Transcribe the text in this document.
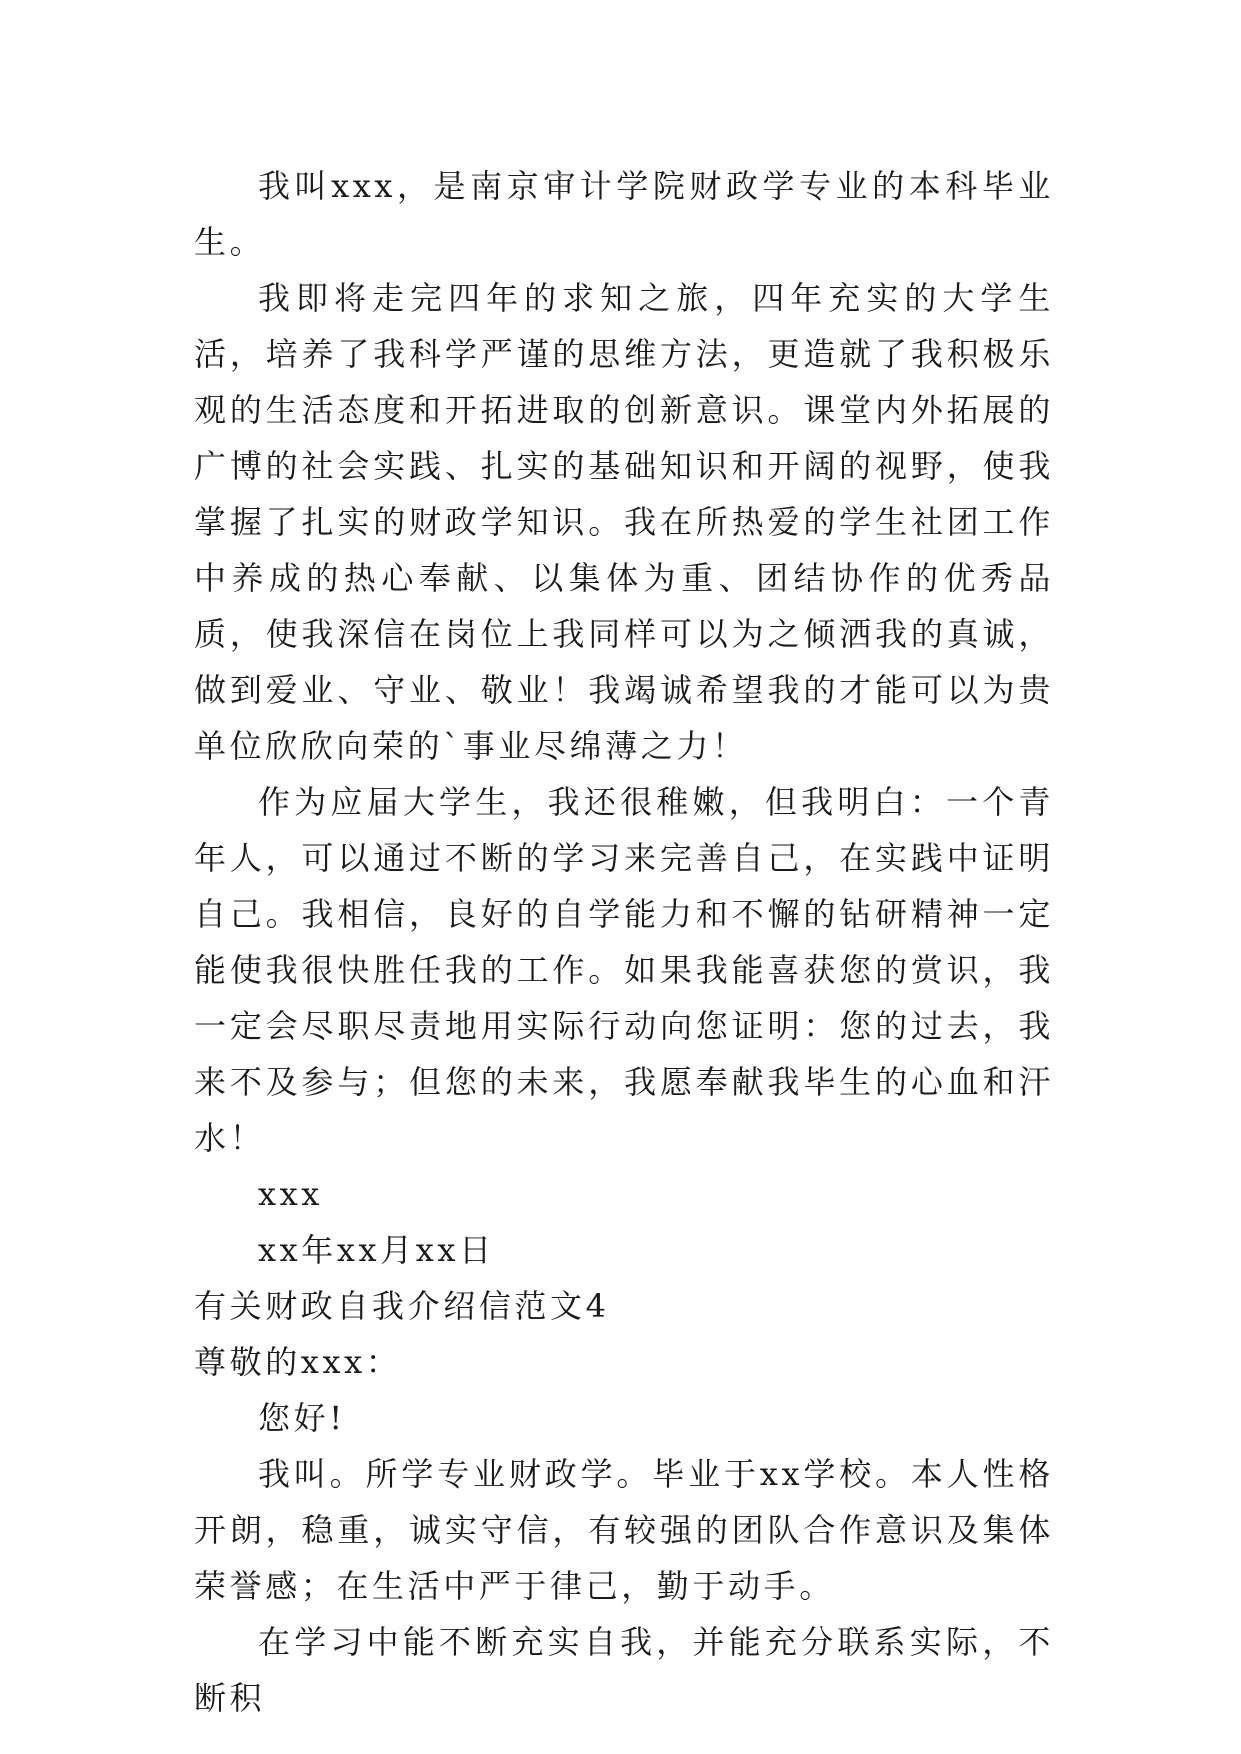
我叫xxx，是南京审计学院财政学专业的本科毕业生。

我即将走完四年的求知之旅，四年充实的大学生活，培养了我科学严谨的思维方法，更造就了我积极乐观的生活态度和开拓进取的创新意识。课堂内外拓展的广博的社会实践、扎实的基础知识和开阔的视野，使我掌握了扎实的财政学知识。我在所热爱的学生社团工作中养成的热心奉献、以集体为重、团结协作的优秀品质，使我深信在岗位上我同样可以为之倾洒我的真诚，做到爱业、守业、敬业！我竭诚希望我的才能可以为贵单位欣欣向荣的`事业尽绵薄之力！

作为应届大学生，我还很稚嫩，但我明白：一个青年人，可以通过不断的学习来完善自己，在实践中证明自己。我相信，良好的自学能力和不懈的钻研精神一定能使我很快胜任我的工作。如果我能喜获您的赏识，我一定会尽职尽责地用实际行动向您证明：您的过去，我来不及参与；但您的未来，我愿奉献我毕生的心血和汗水！

xxx

xx年xx月xx日

有关财政自我介绍信范文4

尊敬的xxx：

您好!

我叫。所学专业财政学。毕业于xx学校。本人性格开朗，稳重，诚实守信，有较强的团队合作意识及集体荣誉感；在生活中严于律己，勤于动手。

在学习中能不断充实自我，并能充分联系实际，不断积
